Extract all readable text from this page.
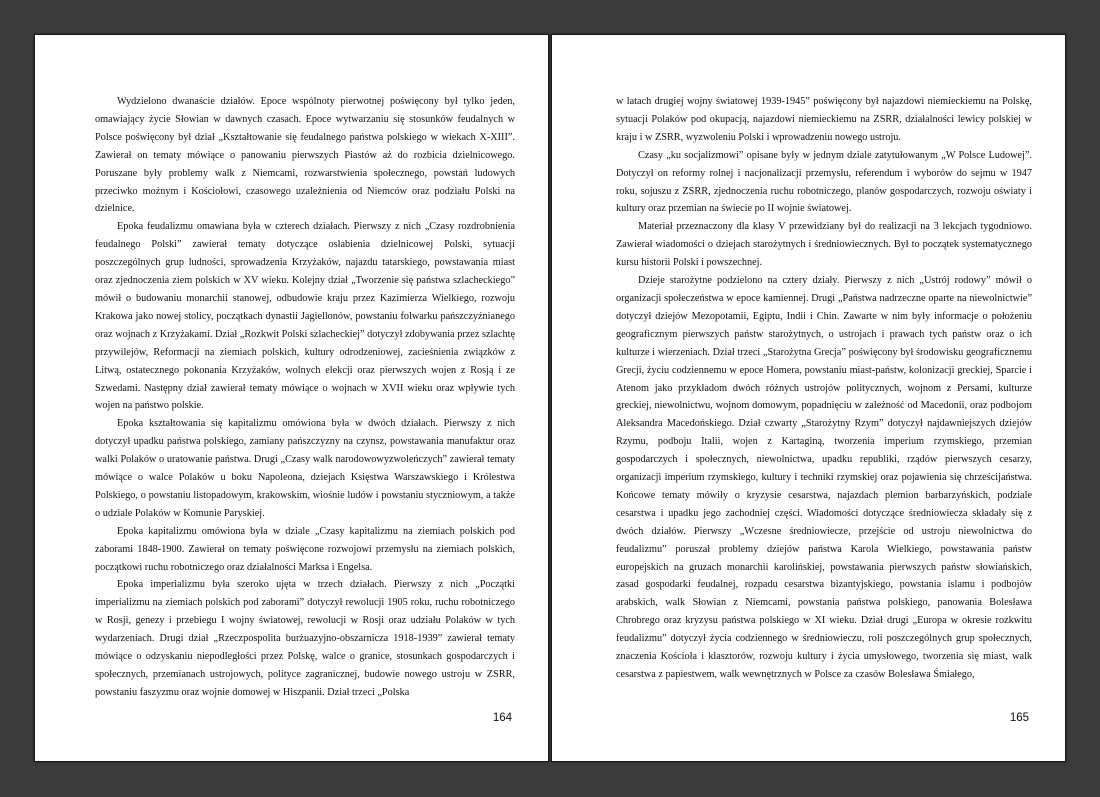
Wydzielono dwanaście działów. Epoce wspólnoty pierwotnej poświęcony był tylko jeden, omawiający życie Słowian w dawnych czasach. Epoce wytwarzaniu się stosunków feudalnych w Polsce poświęcony był dział „Kształtowanie się feudalnego państwa polskiego w wiekach X-XIII”. Zawierał on tematy mówiące o panowaniu pierwszych Piastów aż do rozbicia dzielnicowego. Poruszane były problemy walk z Niemcami, rozwarstwienia społecznego, powstań ludowych przeciwko możnym i Kościołowi, czasowego uzależnienia od Niemców oraz podziału Polski na dzielnice.

Epoka feudalizmu omawiana była w czterech działach. Pierwszy z nich „Czasy rozdrobnienia feudalnego Polski” zawierał tematy dotyczące osłabienia dzielnicowej Polski, sytuacji poszczególnych grup ludności, sprowadzenia Krzyżaków, najazdu tatarskiego, powstawania miast oraz zjednoczenia ziem polskich w XV wieku. Kolejny dział „Tworzenie się państwa szlacheckiego” mówił o budowaniu monarchii stanowej, odbudowie kraju przez Kazimierza Wielkiego, rozwoju Krakowa jako nowej stolicy, początkach dynastii Jagiellonów, powstaniu folwarku pańszczyźnianego oraz wojnach z Krzyżakami. Dział „Rozkwit Polski szlacheckiej” dotyczył zdobywania przez szlachtę przywilejów, Reformacji na ziemiach polskich, kultury odrodzeniowej, zacieśnienia związków z Litwą, ostatecznego pokonania Krzyżaków, wolnych elekcji oraz pierwszych wojen z Rosją i ze Szwedami. Następny dział zawierał tematy mówiące o wojnach w XVII wieku oraz wpływie tych wojen na państwo polskie.

Epoka kształtowania się kapitalizmu omówiona była w dwóch działach. Pierwszy z nich dotyczył upadku państwa polskiego, zamiany pańszczyzny na czynsz, powstawania manufaktur oraz walki Polaków o uratowanie państwa. Drugi „Czasy walk narodowowyzwoleńczych” zawierał tematy mówiące o walce Polaków u boku Napoleona, dziejach Księstwa Warszawskiego i Królestwa Polskiego, o powstaniu listopadowym, krakowskim, wiośnie ludów i powstaniu styczniowym, a także o udziale Polaków w Komunie Paryskiej.

Epoka kapitalizmu omówiona była w dziale „Czasy kapitalizmu na ziemiach polskich pod zaborami 1848-1900. Zawierał on tematy poświęcone rozwojowi przemysłu na ziemiach polskich, początkowi ruchu robotniczego oraz działalności Marksa i Engelsa.

Epoka imperializmu była szeroko ujęta w trzech działach. Pierwszy z nich „Początki imperializmu na ziemiach polskich pod zaborami” dotyczył rewolucji 1905 roku, ruchu robotniczego w Rosji, genezy i przebiegu I wojny światowej, rewolucji w Rosji oraz udziału Polaków w tych wydarzeniach. Drugi dział „Rzeczpospolita burżuazyjno-obszarnicza 1918-1939” zawierał tematy mówiące o odzyskaniu niepodległości przez Polskę, walce o granice, stosunkach gospodarczych i społecznych, przemianach ustrojowych, polityce zagranicznej, budowie nowego ustroju w ZSRR, powstaniu faszyzmu oraz wojnie domowej w Hiszpanii. Dział trzeci „Polska

164

w latach drugiej wojny światowej 1939-1945” poświęcony był najazdowi niemieckiemu na Polskę, sytuacji Polaków pod okupacją, najazdowi niemieckiemu na ZSRR, działalności lewicy polskiej w kraju i w ZSRR, wyzwoleniu Polski i wprowadzeniu nowego ustroju.

Czasy „ku socjalizmowi” opisane były w jednym dziale zatytułowanym „W Polsce Ludowej”. Dotyczył on reformy rolnej i nacjonalizacji przemysłu, referendum i wyborów do sejmu w 1947 roku, sojuszu z ZSRR, zjednoczenia ruchu robotniczego, planów gospodarczych, rozwoju oświaty i kultury oraz przemian na świecie po II wojnie światowej.

Materiał przeznaczony dla klasy V przewidziany był do realizacji na 3 lekcjach tygodniowo. Zawierał wiadomości o dziejach starożytnych i średniowiecznych. Był to początek systematycznego kursu historii Polski i powszechnej.

Dzieje starożytne podzielono na cztery działy. Pierwszy z nich „Ustrój rodowy” mówił o organizacji społeczeństwa w epoce kamiennej. Drugi „Państwa nadrzeczne oparte na niewolnictwie” dotyczył dziejów Mezopotamii, Egiptu, Indii i Chin. Zawarte w nim były informacje o położeniu geograficznym pierwszych państw starożytnych, o ustrojach i prawach tych państw oraz o ich kulturze i wierzeniach. Dział trzeci „Starożytna Grecja” poświęcony był środowisku geograficznemu Grecji, życiu codziennemu w epoce Homera, powstaniu miast-państw, kolonizacji greckiej, Sparcie i Atenom jako przykładom dwóch różnych ustrojów politycznych, wojnom z Persami, kulturze greckiej, niewolnictwu, wojnom domowym, popadnięciu w zależność od Macedonii, oraz podbojom Aleksandra Macedońskiego. Dział czwarty „Starożytny Rzym” dotyczył najdawniejszych dziejów Rzymu, podboju Italii, wojen z Kartaginą, tworzenia imperium rzymskiego, przemian gospodarczych i społecznych, niewolnictwa, upadku republiki, rządów pierwszych cesarzy, organizacji imperium rzymskiego, kultury i techniki rzymskiej oraz pojawienia się chrześcijaństwa. Końcowe tematy mówiły o kryzysie cesarstwa, najazdach plemion barbarzyńskich, podziale cesarstwa i upadku jego zachodniej części. Wiadomości dotyczące średniowiecza składały się z dwóch działów. Pierwszy „Wczesne średniowiecze, przejście od ustroju niewolnictwa do feudalizmu” poruszał problemy dziejów państwa Karola Wielkiego, powstawania państw europejskich na gruzach monarchii karolińskiej, powstawania pierwszych państw słowiańskich, zasad gospodarki feudalnej, rozpadu cesarstwa bizantyjskiego, powstania islamu i podbojów arabskich, walk Słowian z Niemcami, powstania państwa polskiego, panowania Bolesława Chrobrego oraz kryzysu państwa polskiego w XI wieku. Dział drugi „Europa w okresie rozkwitu feudalizmu” dotyczył życia codziennego w średniowieczu, roli poszczególnych grup społecznych, znaczenia Kościoła i klasztorów, rozwoju kultury i życia umysłowego, tworzenia się miast, walk cesarstwa z papiestwem, walk wewnętrznych w Polsce za czasów Bolesława Śmiałego,

165
